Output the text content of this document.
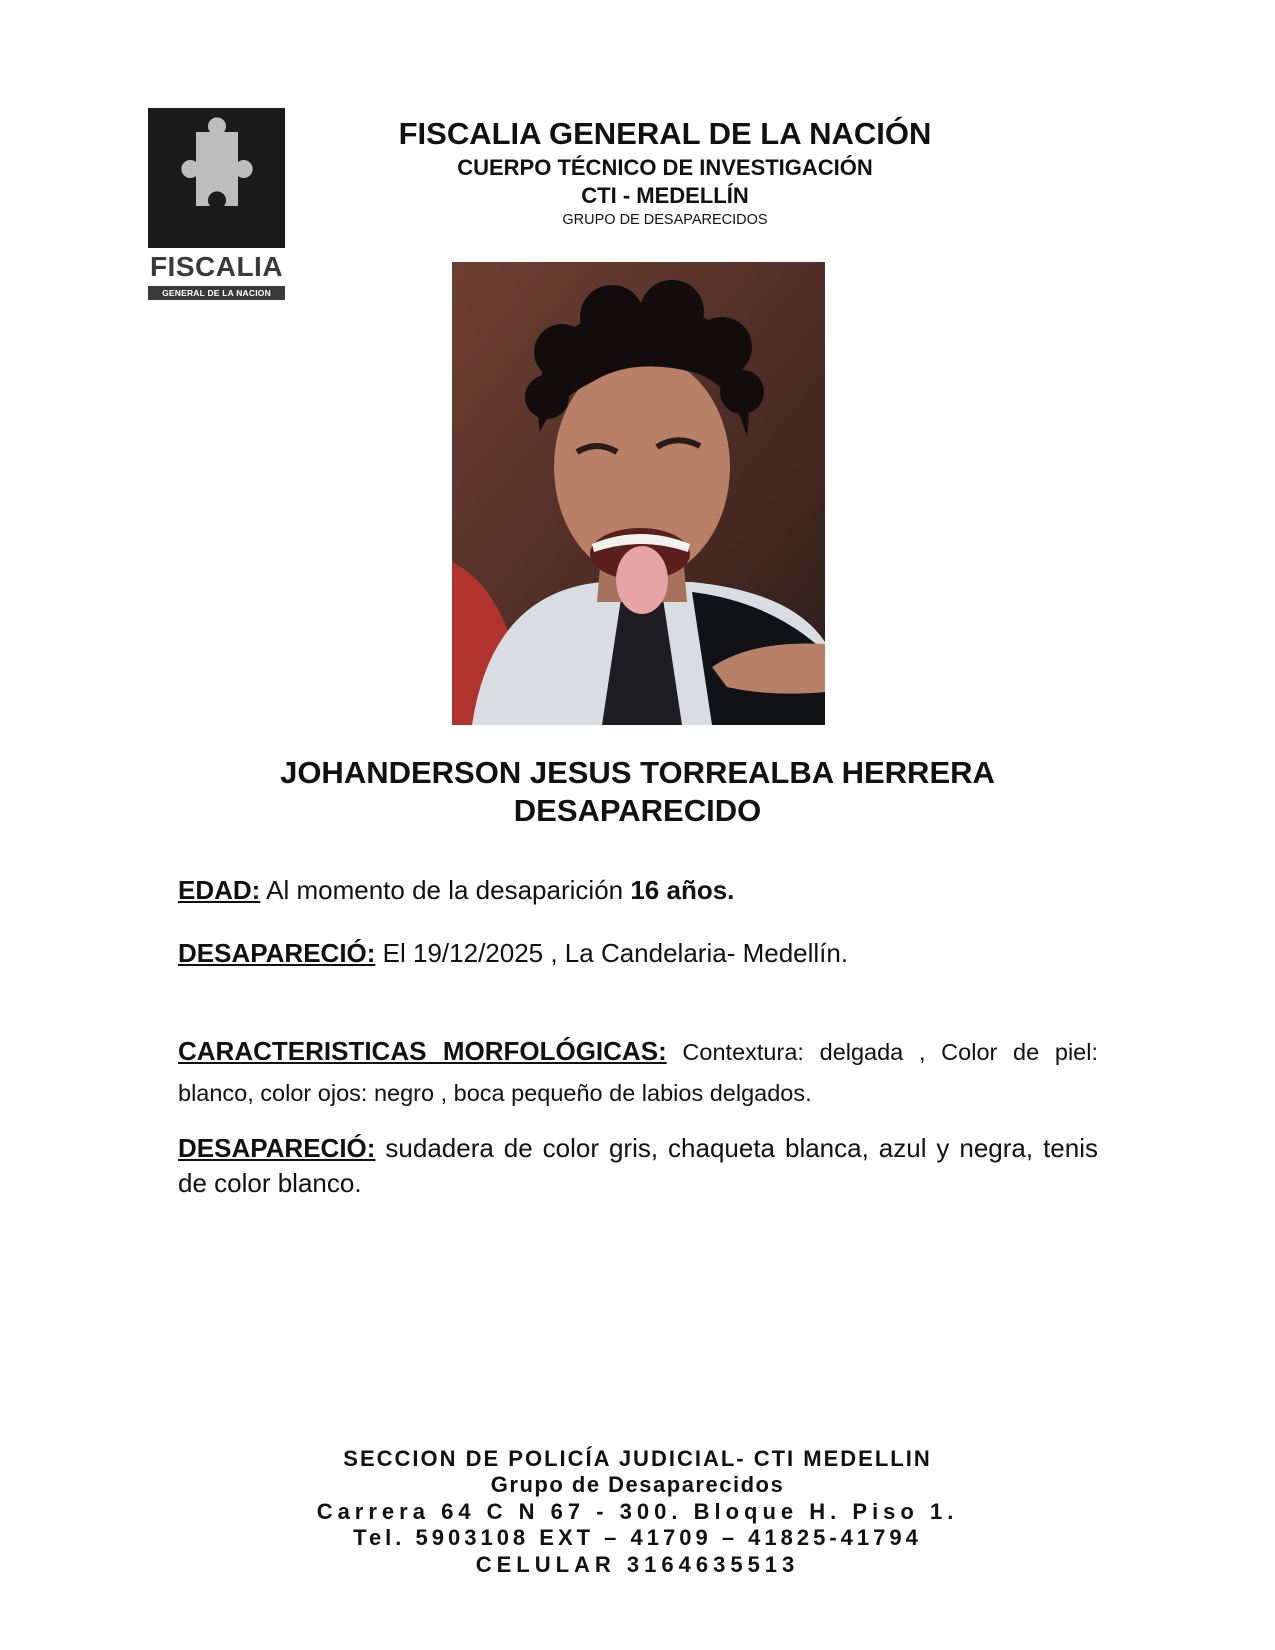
FISCALIA
GENERAL DE LA NACION
FISCALIA GENERAL DE LA NACIÓN
CUERPO TÉCNICO DE INVESTIGACIÓN
CTI - MEDELLÍN
GRUPO DE DESAPARECIDOS
JOHANDERSON JESUS TORREALBA HERRERA
DESAPARECIDO
EDAD: Al momento de la desaparición 16 años.
DESAPARECIÓ: El 19/12/2025 , La Candelaria- Medellín.
CARACTERISTICAS MORFOLÓGICAS: Contextura: delgada , Color de piel: blanco, color ojos: negro , boca pequeño de labios delgados.
DESAPARECIÓ: sudadera de color gris, chaqueta blanca, azul y negra, tenis de color blanco.
SECCION DE POLICÍA JUDICIAL- CTI MEDELLIN
Grupo de Desaparecidos
Carrera 64 C N 67 - 300. Bloque H. Piso 1.
Tel. 5903108 EXT – 41709 – 41825-41794
CELULAR 3164635513
